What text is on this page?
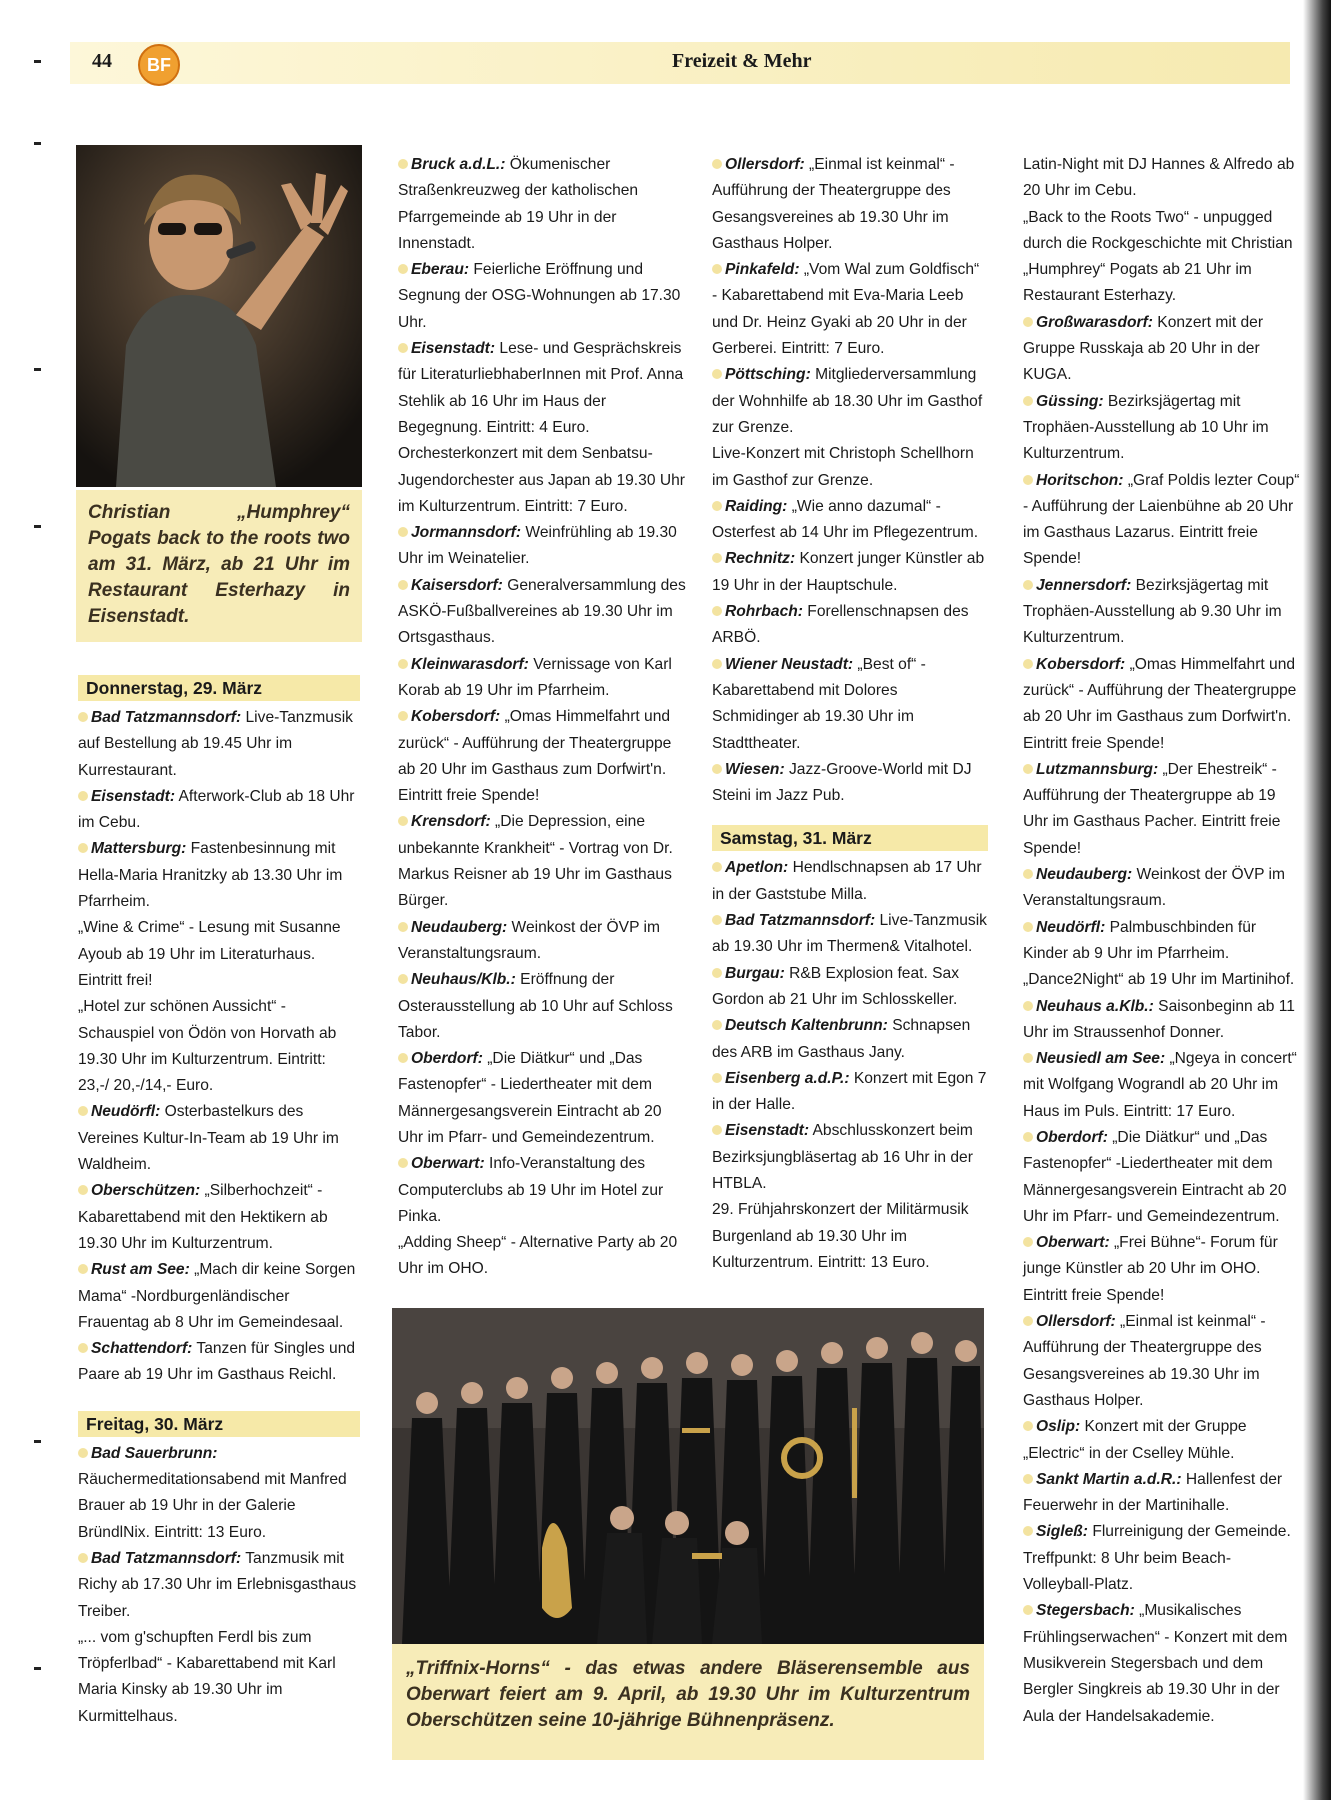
44	BF	Freizeit & Mehr

Christian „Humphrey“ Pogats back to the roots two am 31. März, ab 21 Uhr im Restaurant Esterhazy in Eisenstadt.

Donnerstag, 29. März

Bad Tatzmannsdorf: Live-Tanzmusik auf Bestellung ab 19.45 Uhr im Kurrestaurant.

Eisenstadt: Afterwork-Club ab 18 Uhr im Cebu.

Mattersburg: Fastenbesinnung mit Hella-Maria Hranitzky ab 13.30 Uhr im Pfarrheim.

„Wine & Crime“ - Lesung mit Susanne Ayoub ab 19 Uhr im Literaturhaus. Eintritt frei!

„Hotel zur schönen Aussicht“ - Schauspiel von Ödön von Horvath ab 19.30 Uhr im Kulturzentrum. Eintritt: 23,-/ 20,-/14,- Euro.

Neudörfl: Osterbastelkurs des Vereines Kultur-In-Team ab 19 Uhr im Waldheim.

Oberschützen: „Silberhochzeit“ - Kabarettabend mit den Hektikern ab 19.30 Uhr im Kulturzentrum.

Rust am See: „Mach dir keine Sorgen Mama“ -Nordburgenländischer Frauentag ab 8 Uhr im Gemeindesaal.

Schattendorf: Tanzen für Singles und Paare ab 19 Uhr im Gasthaus Reichl.

Freitag, 30. März

Bad Sauerbrunn: Räuchermeditationsabend mit Manfred Brauer ab 19 Uhr in der Galerie BründlNix. Eintritt: 13 Euro.

Bad Tatzmannsdorf: Tanzmusik mit Richy ab 17.30 Uhr im Erlebnisgasthaus Treiber.

„... vom g'schupften Ferdl bis zum Tröpferlbad“ - Kabarettabend mit Karl Maria Kinsky ab 19.30 Uhr im Kurmittelhaus.

Bruck a.d.L.: Ökumenischer Straßenkreuzweg der katholischen Pfarrgemeinde ab 19 Uhr in der Innenstadt.

Eberau: Feierliche Eröffnung und Segnung der OSG-Wohnungen ab 17.30 Uhr.

Eisenstadt: Lese- und Gesprächskreis für LiteraturliebhaberInnen mit Prof. Anna Stehlik ab 16 Uhr im Haus der Begegnung. Eintritt: 4 Euro.

Orchesterkonzert mit dem Senbatsu-Jugendorchester aus Japan ab 19.30 Uhr im Kulturzentrum. Eintritt: 7 Euro.

Jormannsdorf: Weinfrühling ab 19.30 Uhr im Weinatelier.

Kaisersdorf: Generalversammlung des ASKÖ-Fußballvereines ab 19.30 Uhr im Ortsgasthaus.

Kleinwarasdorf: Vernissage von Karl Korab ab 19 Uhr im Pfarrheim.

Kobersdorf: „Omas Himmelfahrt und zurück“ - Aufführung der Theatergruppe ab 20 Uhr im Gasthaus zum Dorfwirt'n. Eintritt freie Spende!

Krensdorf: „Die Depression, eine unbekannte Krankheit“ - Vortrag von Dr. Markus Reisner ab 19 Uhr im Gasthaus Bürger.

Neudauberg: Weinkost der ÖVP im Veranstaltungsraum.

Neuhaus/Klb.: Eröffnung der Osterausstellung ab 10 Uhr auf Schloss Tabor.

Oberdorf: „Die Diätkur“ und „Das Fastenopfer“ - Liedertheater mit dem Männergesangsverein Eintracht ab 20 Uhr im Pfarr- und Gemeindezentrum.

Oberwart: Info-Veranstaltung des Computerclubs ab 19 Uhr im Hotel zur Pinka.

„Adding Sheep“ - Alternative Party ab 20 Uhr im OHO.

Ollersdorf: „Einmal ist keinmal“ - Aufführung der Theatergruppe des Gesangsvereines ab 19.30 Uhr im Gasthaus Holper.

Pinkafeld: „Vom Wal zum Goldfisch“ - Kabarettabend mit Eva-Maria Leeb und Dr. Heinz Gyaki ab 20 Uhr in der Gerberei. Eintritt: 7 Euro.

Pöttsching: Mitgliederversammlung der Wohnhilfe ab 18.30 Uhr im Gasthof zur Grenze.

Live-Konzert mit Christoph Schellhorn im Gasthof zur Grenze.

Raiding: „Wie anno dazumal“ - Osterfest ab 14 Uhr im Pflegezentrum.

Rechnitz: Konzert junger Künstler ab 19 Uhr in der Hauptschule.

Rohrbach: Forellenschnapsen des ARBÖ.

Wiener Neustadt: „Best of“ - Kabarettabend mit Dolores Schmidinger ab 19.30 Uhr im Stadttheater.

Wiesen: Jazz-Groove-World mit DJ Steini im Jazz Pub.

Samstag, 31. März

Apetlon: Hendlschnapsen ab 17 Uhr in der Gaststube Milla.

Bad Tatzmannsdorf: Live-Tanzmusik ab 19.30 Uhr im Thermen& Vitalhotel.

Burgau: R&B Explosion feat. Sax Gordon ab 21 Uhr im Schlosskeller.

Deutsch Kaltenbrunn: Schnapsen des ARB im Gasthaus Jany.

Eisenberg a.d.P.: Konzert mit Egon 7 in der Halle.

Eisenstadt: Abschlusskonzert beim Bezirksjungbläsertag ab 16 Uhr in der HTBLA.

29. Frühjahrskonzert der Militärmusik Burgenland ab 19.30 Uhr im Kulturzentrum. Eintritt: 13 Euro.

Latin-Night mit DJ Hannes & Alfredo ab 20 Uhr im Cebu.

„Back to the Roots Two“ - unpugged durch die Rockgeschichte mit Christian „Humphrey“ Pogats ab 21 Uhr im Restaurant Esterhazy.

Großwarasdorf: Konzert mit der Gruppe Russkaja ab 20 Uhr in der KUGA.

Güssing: Bezirksjägertag mit Trophäen-Ausstellung ab 10 Uhr im Kulturzentrum.

Horitschon: „Graf Poldis lezter Coup“ - Aufführung der Laienbühne ab 20 Uhr im Gasthaus Lazarus. Eintritt freie Spende!

Jennersdorf: Bezirksjägertag mit Trophäen-Ausstellung ab 9.30 Uhr im Kulturzentrum.

Kobersdorf: „Omas Himmelfahrt und zurück“ - Aufführung der Theatergruppe ab 20 Uhr im Gasthaus zum Dorfwirt'n. Eintritt freie Spende!

Lutzmannsburg: „Der Ehestreik“ - Aufführung der Theatergruppe ab 19 Uhr im Gasthaus Pacher. Eintritt freie Spende!

Neudauberg: Weinkost der ÖVP im Veranstaltungsraum.

Neudörfl: Palmbuschbinden für Kinder ab 9 Uhr im Pfarrheim.

„Dance2Night“ ab 19 Uhr im Martinihof.

Neuhaus a.Klb.: Saisonbeginn ab 11 Uhr im Straussenhof Donner.

Neusiedl am See: „Ngeya in concert“ mit Wolfgang Wograndl ab 20 Uhr im Haus im Puls. Eintritt: 17 Euro.

Oberdorf: „Die Diätkur“ und „Das Fastenopfer“ -Liedertheater mit dem Männergesangsverein Eintracht ab 20 Uhr im Pfarr- und Gemeindezentrum.

Oberwart: „Frei Bühne“- Forum für junge Künstler ab 20 Uhr im OHO. Eintritt freie Spende!

Ollersdorf: „Einmal ist keinmal“ - Aufführung der Theatergruppe des Gesangsvereines ab 19.30 Uhr im Gasthaus Holper.

Oslip: Konzert mit der Gruppe „Electric“ in der Cselley Mühle.

Sankt Martin a.d.R.: Hallenfest der Feuerwehr in der Martinihalle.

Sigleß: Flurreinigung der Gemeinde. Treffpunkt: 8 Uhr beim Beach-Volleyball-Platz.

Stegersbach: „Musikalisches Frühlingserwachen“ - Konzert mit dem Musikverein Stegersbach und dem Bergler Singkreis ab 19.30 Uhr in der Aula der Handelsakademie.

„Triffnix-Horns“ - das etwas andere Bläserensemble aus Oberwart feiert am 9. April, ab 19.30 Uhr im Kulturzentrum Oberschützen seine 10-jährige Bühnenpräsenz.
